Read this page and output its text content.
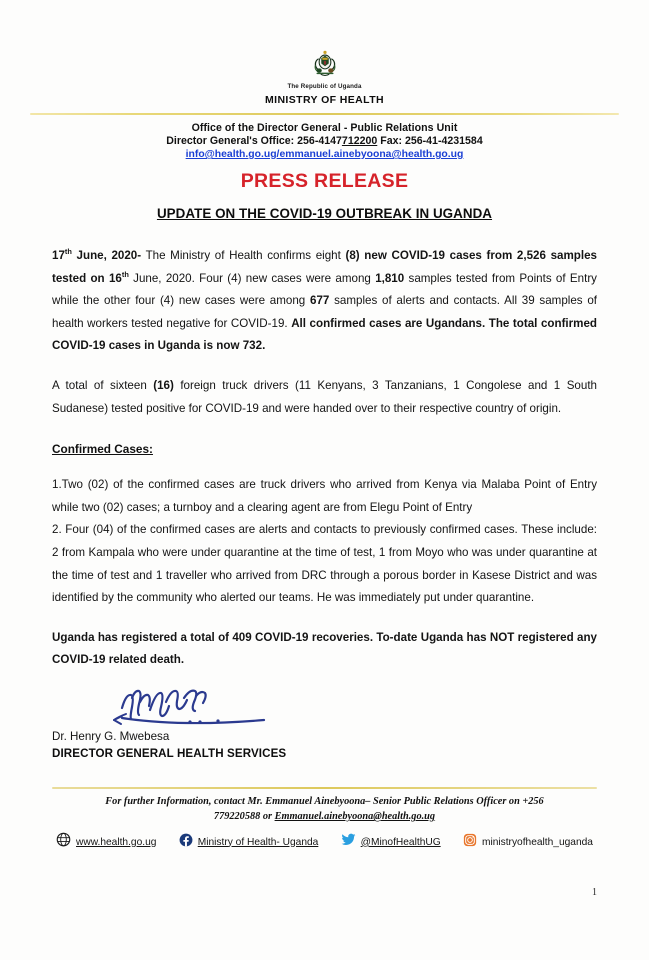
The Republic of Uganda
MINISTRY OF HEALTH
Office of the Director General - Public Relations Unit
Director General's Office: 256-4147712200 Fax: 256-41-4231584
info@health.go.ug/emmanuel.ainebyoona@health.go.ug
PRESS RELEASE
UPDATE ON THE COVID-19 OUTBREAK IN UGANDA

17th June, 2020- The Ministry of Health confirms eight (8) new COVID-19 cases from 2,526 samples tested on 16th June, 2020. Four (4) new cases were among 1,810 samples tested from Points of Entry while the other four (4) new cases were among 677 samples of alerts and contacts. All 39 samples of health workers tested negative for COVID-19. All confirmed cases are Ugandans. The total confirmed COVID-19 cases in Uganda is now 732.

A total of sixteen (16) foreign truck drivers (11 Kenyans, 3 Tanzanians, 1 Congolese and 1 South Sudanese) tested positive for COVID-19 and were handed over to their respective country of origin.

Confirmed Cases:

1.Two (02) of the confirmed cases are truck drivers who arrived from Kenya via Malaba Point of Entry while two (02) cases; a turnboy and a clearing agent are from Elegu Point of Entry

2. Four (04) of the confirmed cases are alerts and contacts to previously confirmed cases. These include: 2 from Kampala who were under quarantine at the time of test, 1 from Moyo who was under quarantine at the time of test and 1 traveller who arrived from DRC through a porous border in Kasese District and was identified by the community who alerted our teams. He was immediately put under quarantine.

Uganda has registered a total of 409 COVID-19 recoveries. To-date Uganda has NOT registered any COVID-19 related death.

Dr. Henry G. Mwebesa
DIRECTOR GENERAL HEALTH SERVICES
For further Information, contact Mr. Emmanuel Ainebyoona– Senior Public Relations Officer on +256
779220588 or Emmanuel.ainebyoona@health.go.ug
www.health.go.ug	Ministry of Health- Uganda	@MinofHealthUG	ministryofhealth_uganda
1
